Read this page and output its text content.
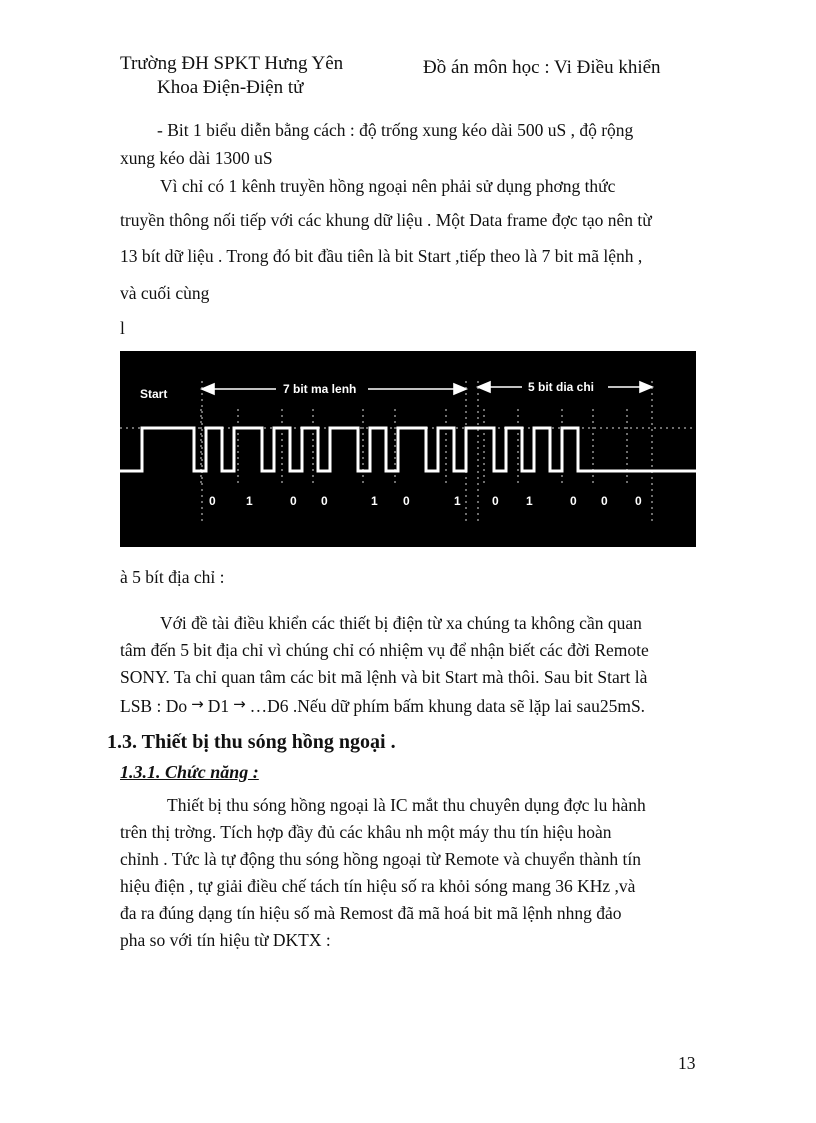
Trường ĐH SPKT Hưng Yên
Khoa Điện-Điện tử
Đồ án môn học : Vi Điều khiển
- Bit 1 biểu diễn bằng cách : độ trống xung kéo dài 500 uS , độ rộng
xung kéo dài 1300 uS
Vì chỉ có 1 kênh truyền hồng ngoại nên phải sử dụng phơng thức
truyền thông nối tiếp với các khung dữ liệu . Một Data frame đợc tạo nên từ
13 bít dữ liệu . Trong đó bit đầu tiên là bit Start ,tiếp theo là 7 bit mã lệnh ,
và cuối cùng
l
Start	7 bit ma lenh	5 bit dia chi
0	1	0 0	1 0	1	0 1	0 0 0
à 5 bít địa chỉ :
Với đề tài điều khiển các thiết bị điện từ xa chúng ta không cần quan
tâm đến 5 bit địa chỉ vì chúng chỉ có nhiệm vụ để nhận biết các đời Remote
SONY. Ta chỉ quan tâm các bit mã lệnh và bit Start mà thôi. Sau bit Start là
LSB : Do → D1 → …D6 .Nếu dữ phím bấm khung data sẽ lặp lai sau25mS.
1.3. Thiết bị thu sóng hồng ngoại .
1.3.1. Chức năng :
Thiết bị thu sóng hồng ngoại là IC mắt thu chuyên dụng đợc lu hành
trên thị trờng. Tích hợp đầy đủ các khâu nh một máy thu tín hiệu hoàn
chỉnh . Tức là tự động thu sóng hồng ngoại từ Remote và chuyển thành tín
hiệu điện , tự giải điều chế tách tín hiệu số ra khỏi sóng mang 36 KHz ,và
đa ra đúng dạng tín hiệu số mà Remost đã mã hoá bit mã lệnh nhng đảo
pha so với tín hiệu từ DKTX :
13
